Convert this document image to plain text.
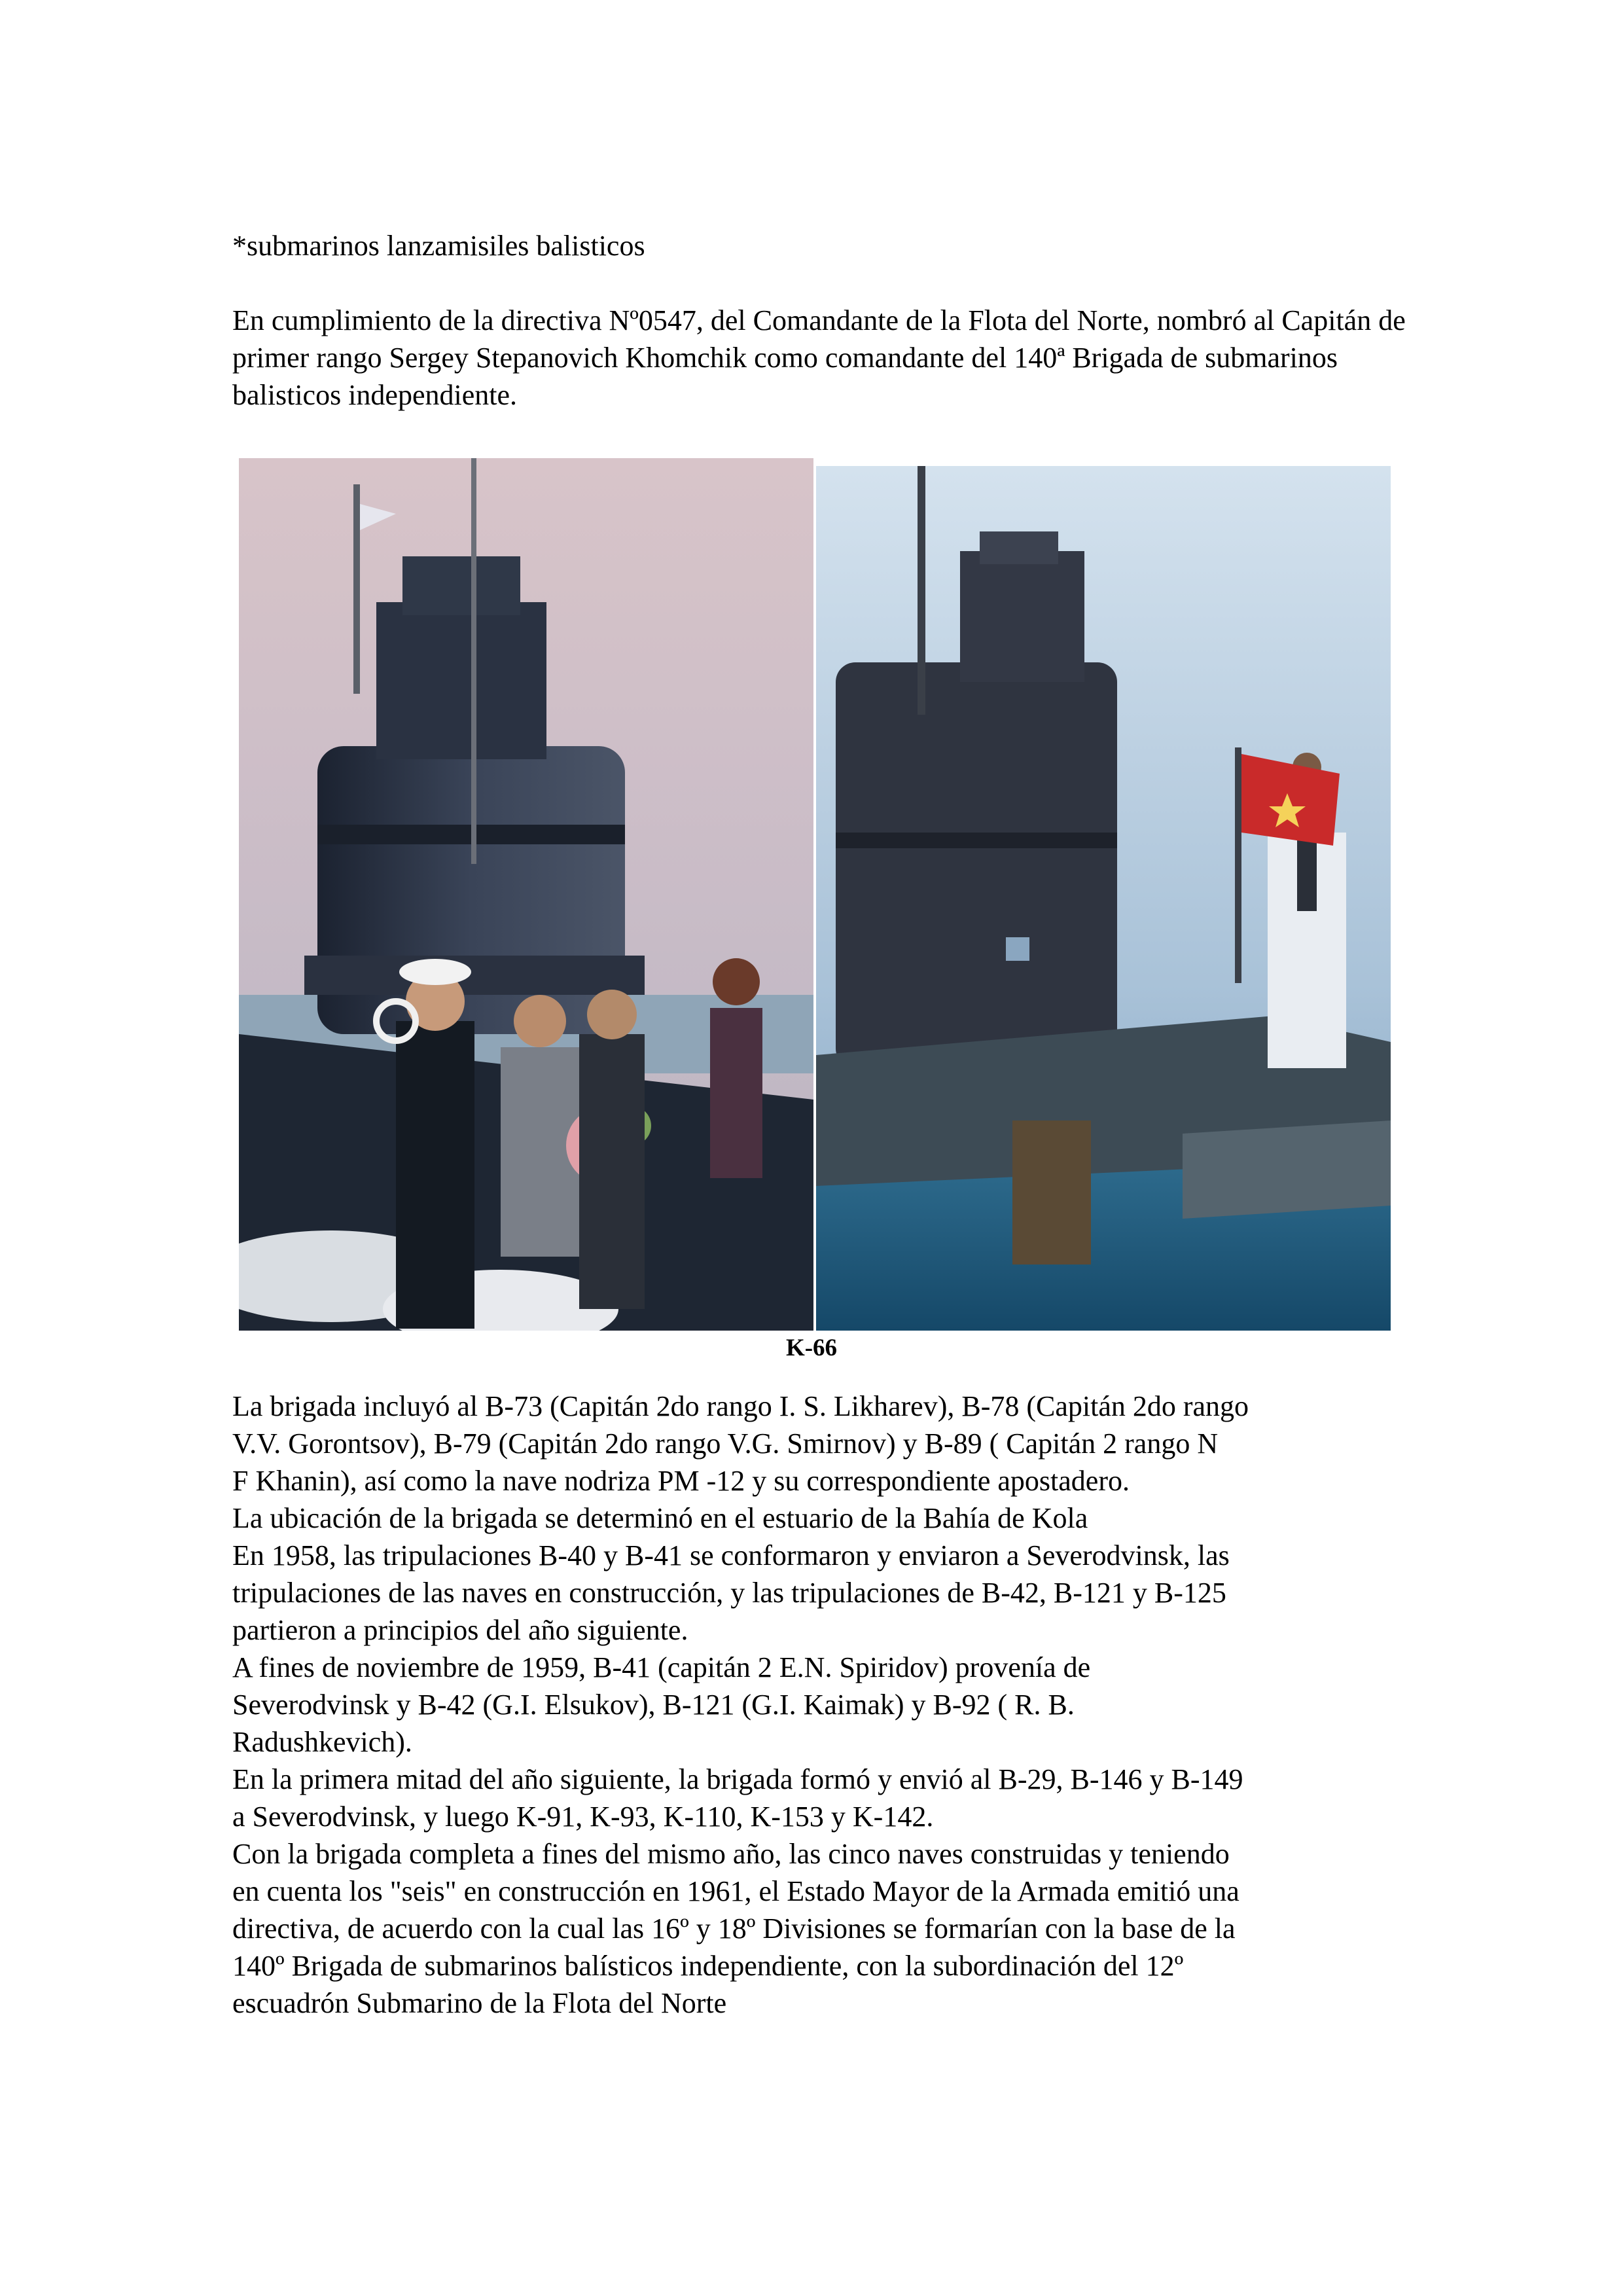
*submarinos lanzamisiles balisticos

En cumplimiento de la directiva Nº0547, del Comandante de la Flota del Norte, nombró al Capitán de primer rango Sergey Stepanovich Khomchik como comandante del 140ª Brigada de submarinos balisticos independiente.

K-66

La brigada incluyó al B-73 (Capitán 2do rango I. S. Likharev), B-78 (Capitán 2do rango

V.V. Gorontsov), B-79 (Capitán 2do rango V.G. Smirnov) y B-89 ( Capitán 2 rango N

F Khanin), así como la nave nodriza PM -12 y su correspondiente apostadero.

La ubicación de la brigada se determinó en el estuario de la Bahía de Kola

En 1958, las tripulaciones B-40 y B-41 se conformaron y enviaron a Severodvinsk, las

tripulaciones de las naves en construcción, y las tripulaciones de B-42, B-121 y B-125

partieron a principios del año siguiente.

A fines de noviembre de 1959, B-41 (capitán 2 E.N. Spiridov) provenía de

Severodvinsk y B-42 (G.I. Elsukov), B-121 (G.I. Kaimak) y B-92 ( R. B.

Radushkevich).

En la primera mitad del año siguiente, la brigada formó y envió al B-29, B-146 y B-149

a Severodvinsk, y luego K-91, K-93, K-110, K-153 y K-142.

Con la brigada completa a fines del mismo año, las cinco naves construidas y teniendo

en cuenta los "seis" en construcción en 1961, el Estado Mayor de la Armada emitió una

directiva, de acuerdo con la cual las 16º y 18º Divisiones se formarían con la base de la

140º Brigada de submarinos balísticos independiente, con la subordinación del 12º

escuadrón Submarino de la Flota del Norte
